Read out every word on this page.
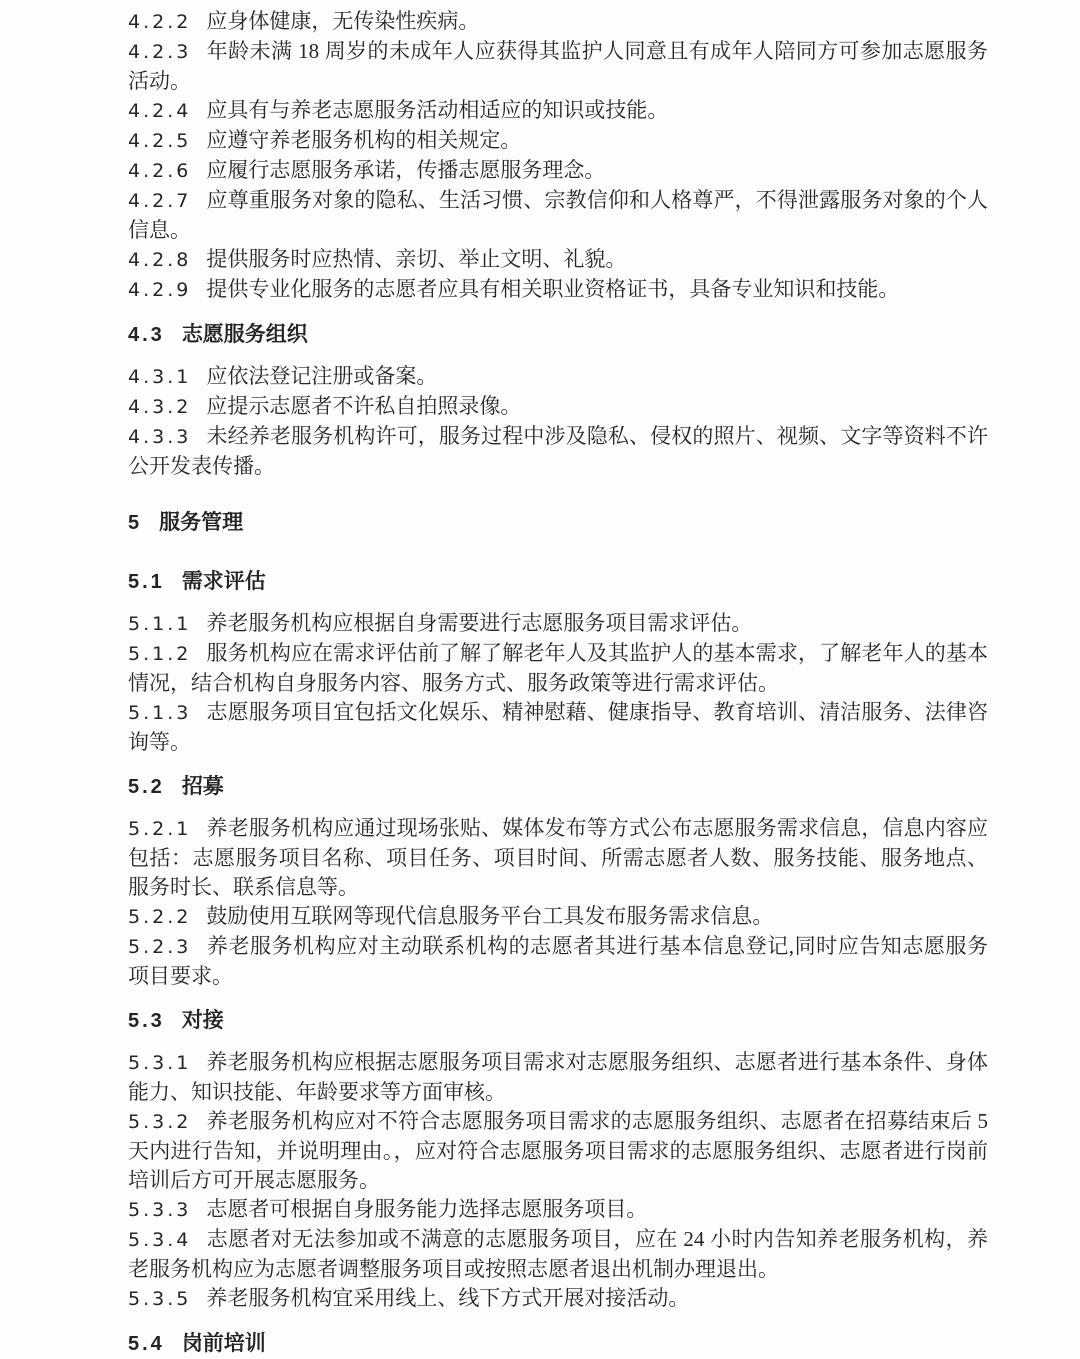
4.2.2 应身体健康，无传染性疾病。

4.2.3 年龄未满 18 周岁的未成年人应获得其监护人同意且有成年人陪同方可参加志愿服务活动。

4.2.4 应具有与养老志愿服务活动相适应的知识或技能。

4.2.5 应遵守养老服务机构的相关规定。

4.2.6 应履行志愿服务承诺，传播志愿服务理念。

4.2.7 应尊重服务对象的隐私、生活习惯、宗教信仰和人格尊严，不得泄露服务对象的个人信息。

4.2.8 提供服务时应热情、亲切、举止文明、礼貌。

4.2.9 提供专业化服务的志愿者应具有相关职业资格证书，具备专业知识和技能。

4.3 志愿服务组织

4.3.1 应依法登记注册或备案。

4.3.2 应提示志愿者不许私自拍照录像。

4.3.3 未经养老服务机构许可，服务过程中涉及隐私、侵权的照片、视频、文字等资料不许公开发表传播。

5 服务管理

5.1 需求评估

5.1.1 养老服务机构应根据自身需要进行志愿服务项目需求评估。

5.1.2 服务机构应在需求评估前了解了解老年人及其监护人的基本需求，了解老年人的基本情况，结合机构自身服务内容、服务方式、服务政策等进行需求评估。

5.1.3 志愿服务项目宜包括文化娱乐、精神慰藉、健康指导、教育培训、清洁服务、法律咨询等。

5.2 招募

5.2.1 养老服务机构应通过现场张贴、媒体发布等方式公布志愿服务需求信息，信息内容应包括：志愿服务项目名称、项目任务、项目时间、所需志愿者人数、服务技能、服务地点、服务时长、联系信息等。

5.2.2 鼓励使用互联网等现代信息服务平台工具发布服务需求信息。

5.2.3 养老服务机构应对主动联系机构的志愿者其进行基本信息登记,同时应告知志愿服务项目要求。

5.3 对接

5.3.1 养老服务机构应根据志愿服务项目需求对志愿服务组织、志愿者进行基本条件、身体能力、知识技能、年龄要求等方面审核。

5.3.2 养老服务机构应对不符合志愿服务项目需求的志愿服务组织、志愿者在招募结束后 5 天内进行告知，并说明理由。，应对符合志愿服务项目需求的志愿服务组织、志愿者进行岗前培训后方可开展志愿服务。

5.3.3 志愿者可根据自身服务能力选择志愿服务项目。

5.3.4 志愿者对无法参加或不满意的志愿服务项目，应在 24 小时内告知养老服务机构，养老服务机构应为志愿者调整服务项目或按照志愿者退出机制办理退出。

5.3.5 养老服务机构宜采用线上、线下方式开展对接活动。

5.4 岗前培训
